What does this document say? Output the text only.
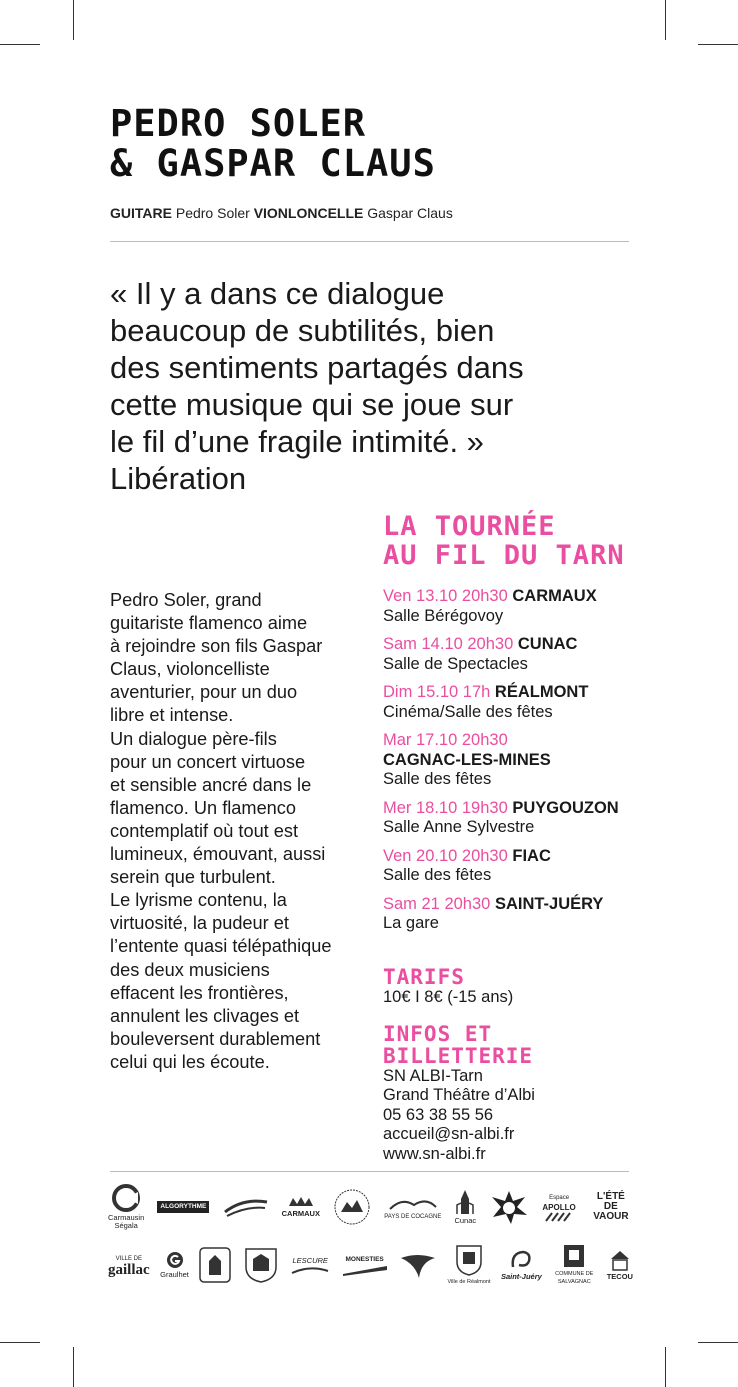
PEDRO SOLER
& GASPAR CLAUS
GUITARE Pedro Soler VIONLONCELLE Gaspar Claus
« Il y a dans ce dialogue
beaucoup de subtilités, bien
des sentiments partagés dans
cette musique qui se joue sur
le fil d’une fragile intimité. »
Libération
Pedro Soler, grand
guitariste flamenco aime
à rejoindre son fils Gaspar
Claus, violoncelliste
aventurier, pour un duo
libre et intense.
Un dialogue père-fils
pour un concert virtuose
et sensible ancré dans le
flamenco. Un flamenco
contemplatif où tout est
lumineux, émouvant, aussi
serein que turbulent.
Le lyrisme contenu, la
virtuosité, la pudeur et
l’entente quasi télépathique
des deux musiciens
effacent les frontières,
annulent les clivages et
bouleversent durablement
celui qui les écoute.
LA TOURNÉE
AU FIL DU TARN
Ven 13.10 20h30 CARMAUX
Salle Bérégovoy
Sam 14.10 20h30 CUNAC
Salle de Spectacles
Dim 15.10 17h RÉALMONT
Cinéma/Salle des fêtes
Mar 17.10 20h30
CAGNAC-LES-MINES
Salle des fêtes
Mer 18.10 19h30 PUYGOUZON
Salle Anne Sylvestre
Ven 20.10 20h30 FIAC
Salle des fêtes
Sam 21 20h30 SAINT-JUÉRY
La gare
TARIFS
10€ I 8€ (-15 ans)
INFOS ET BILLETTERIE
SN ALBI-Tarn
Grand Théâtre d’Albi
05 63 38 55 56
accueil@sn-albi.fr
www.sn-albi.fr
Carmausin
Ségala
ALGORYTHME
CARMAUX	PAYS DE COCAGNE Cunac
Espace
APOLLO
L'ÉTÉ DE VAOUR
VILLE DE
gaillac Graulhet
LESCURE	MONESTIES
Ville de Réalmont
Saint-Juéry	COMMUNE DE SALVAGNAC
TECOU
